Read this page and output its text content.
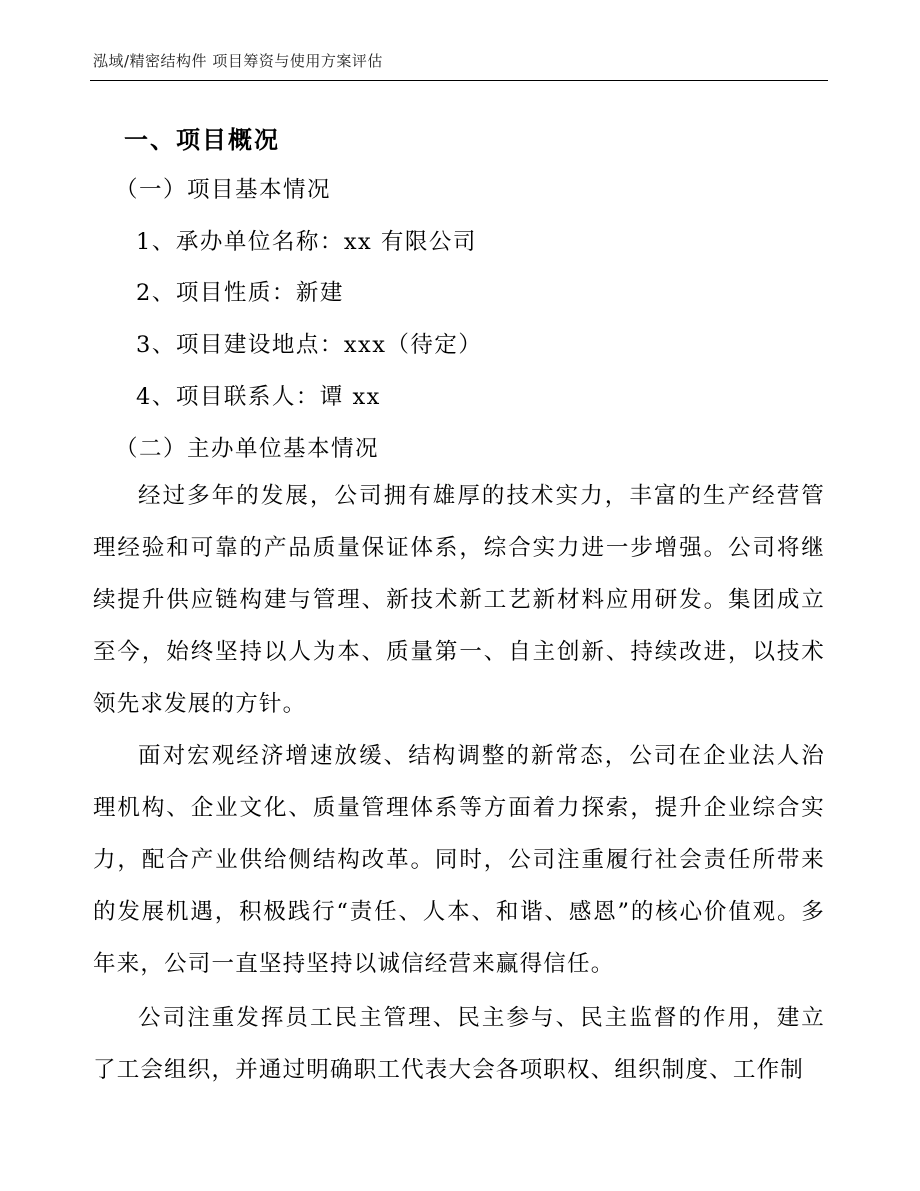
泓域/精密结构件 项目筹资与使用方案评估
一、项目概况
（一）项目基本情况
1、承办单位名称：xx 有限公司
2、项目性质：新建
3、项目建设地点：xxx（待定）
4、项目联系人：谭 xx
（二）主办单位基本情况
经过多年的发展，公司拥有雄厚的技术实力，丰富的生产经营管理经验和可靠的产品质量保证体系，综合实力进一步增强。公司将继续提升供应链构建与管理、新技术新工艺新材料应用研发。集团成立至今，始终坚持以人为本、质量第一、自主创新、持续改进，以技术领先求发展的方针。
面对宏观经济增速放缓、结构调整的新常态，公司在企业法人治理机构、企业文化、质量管理体系等方面着力探索，提升企业综合实力，配合产业供给侧结构改革。同时，公司注重履行社会责任所带来的发展机遇，积极践行“责任、人本、和谐、感恩”的核心价值观。多年来，公司一直坚持坚持以诚信经营来赢得信任。
公司注重发挥员工民主管理、民主参与、民主监督的作用，建立了工会组织，并通过明确职工代表大会各项职权、组织制度、工作制
